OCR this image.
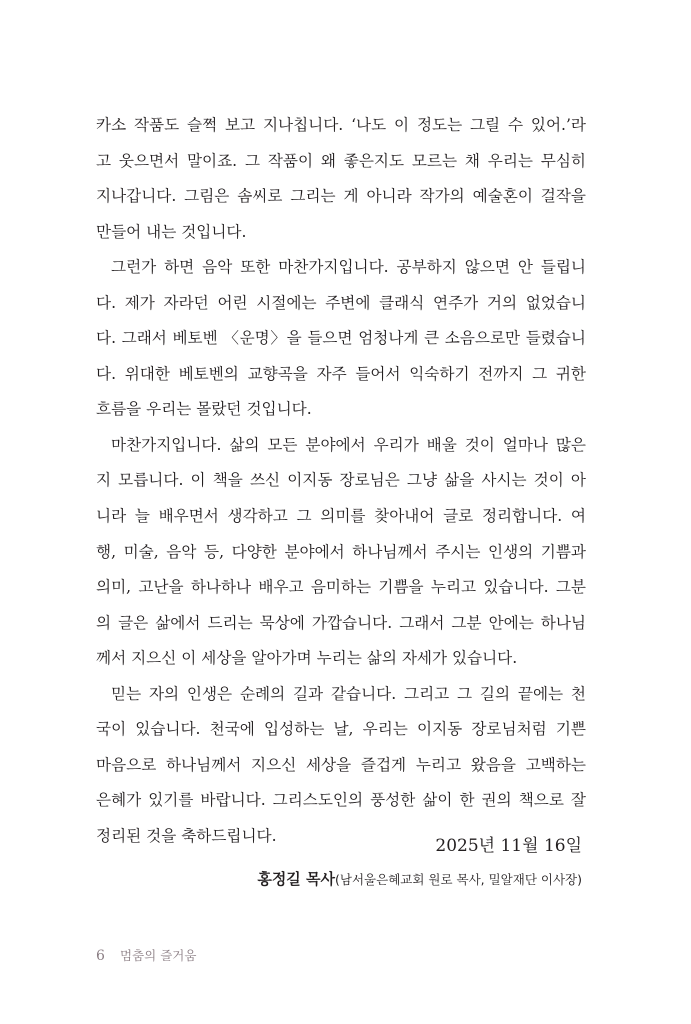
카소 작품도 슬쩍 보고 지나칩니다. ‘나도 이 정도는 그릴 수 있어.’라
고 웃으면서 말이죠. 그 작품이 왜 좋은지도 모르는 채 우리는 무심히
지나갑니다. 그림은 솜씨로 그리는 게 아니라 작가의 예술혼이 걸작을
만들어 내는 것입니다.
그런가 하면 음악 또한 마찬가지입니다. 공부하지 않으면 안 들립니
다. 제가 자라던 어린 시절에는 주변에 클래식 연주가 거의 없었습니
다. 그래서 베토벤 〈운명〉을 들으면 엄청나게 큰 소음으로만 들렸습니
다. 위대한 베토벤의 교향곡을 자주 들어서 익숙하기 전까지 그 귀한
흐름을 우리는 몰랐던 것입니다.
마찬가지입니다. 삶의 모든 분야에서 우리가 배울 것이 얼마나 많은
지 모릅니다. 이 책을 쓰신 이지동 장로님은 그냥 삶을 사시는 것이 아
니라 늘 배우면서 생각하고 그 의미를 찾아내어 글로 정리합니다. 여
행, 미술, 음악 등, 다양한 분야에서 하나님께서 주시는 인생의 기쁨과
의미, 고난을 하나하나 배우고 음미하는 기쁨을 누리고 있습니다. 그분
의 글은 삶에서 드리는 묵상에 가깝습니다. 그래서 그분 안에는 하나님
께서 지으신 이 세상을 알아가며 누리는 삶의 자세가 있습니다.
믿는 자의 인생은 순례의 길과 같습니다. 그리고 그 길의 끝에는 천
국이 있습니다. 천국에 입성하는 날, 우리는 이지동 장로님처럼 기쁜
마음으로 하나님께서 지으신 세상을 즐겁게 누리고 왔음을 고백하는
은혜가 있기를 바랍니다. 그리스도인의 풍성한 삶이 한 권의 책으로 잘
정리된 것을 축하드립니다.
2025년 11월 16일
홍정길 목사(남서울은혜교회 원로 목사, 밀알재단 이사장)
6 멈춤의 즐거움
